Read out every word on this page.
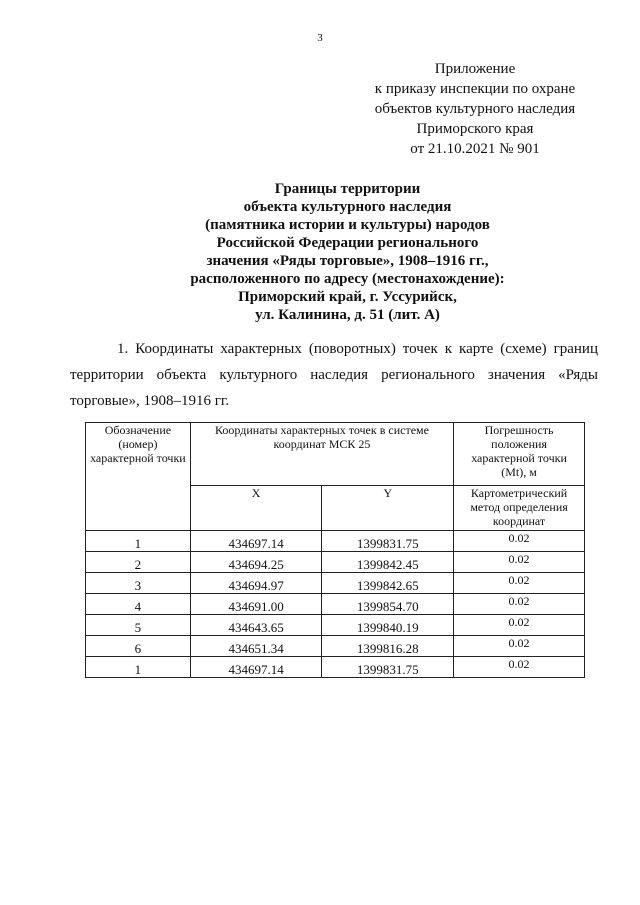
3
Приложение
к приказу инспекции по охране
объектов культурного наследия
Приморского края
от 21.10.2021 № 901
Границы территории
объекта культурного наследия
(памятника истории и культуры) народов
Российской Федерации регионального
значения «Ряды торговые», 1908–1916 гг.,
расположенного по адресу (местонахождение):
Приморский край, г. Уссурийск,
ул. Калинина, д. 51 (лит. А)
1. Координаты характерных (поворотных) точек к карте (схеме) границ территории объекта культурного наследия регионального значения «Ряды торговые», 1908–1916 гг.
Обозначение (номер) характерной точки	Координаты характерных точек в системе координат МСК 25		Погрешность положения характерной точки (Mt), м
	X	Y	Картометрический метод определения координат
1	434697.14	1399831.75	0.02
2	434694.25	1399842.45	0.02
3	434694.97	1399842.65	0.02
4	434691.00	1399854.70	0.02
5	434643.65	1399840.19	0.02
6	434651.34	1399816.28	0.02
1	434697.14	1399831.75	0.02
